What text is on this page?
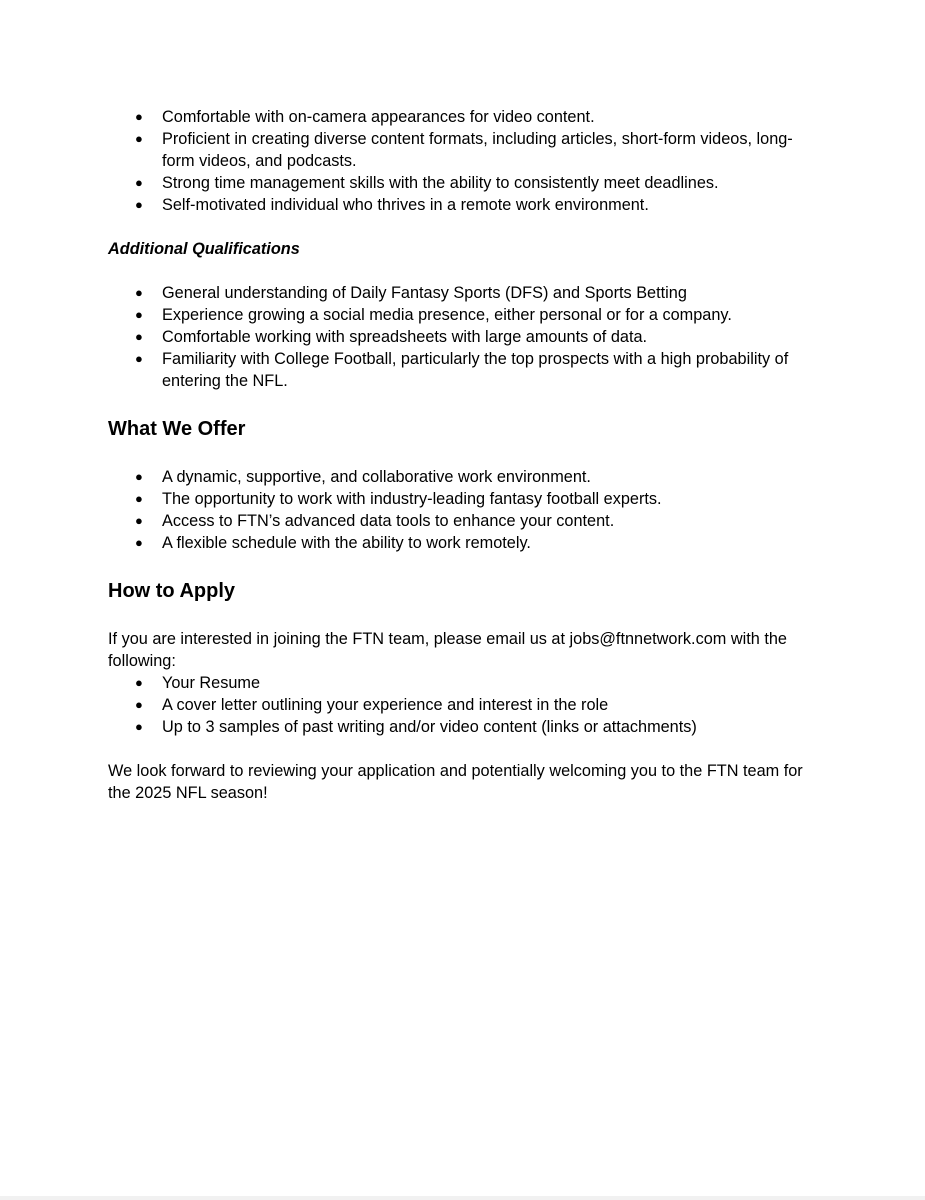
● Comfortable with on-camera appearances for video content.
● Proficient in creating diverse content formats, including articles, short-form videos, long-form videos, and podcasts.
● Strong time management skills with the ability to consistently meet deadlines.
● Self-motivated individual who thrives in a remote work environment.
Additional Qualifications
● General understanding of Daily Fantasy Sports (DFS) and Sports Betting
● Experience growing a social media presence, either personal or for a company.
● Comfortable working with spreadsheets with large amounts of data.
● Familiarity with College Football, particularly the top prospects with a high probability of entering the NFL.
What We Offer
● A dynamic, supportive, and collaborative work environment.
● The opportunity to work with industry-leading fantasy football experts.
● Access to FTN’s advanced data tools to enhance your content.
● A flexible schedule with the ability to work remotely.
How to Apply

If you are interested in joining the FTN team, please email us at jobs@ftnnetwork.com with the following:

● Your Resume
● A cover letter outlining your experience and interest in the role
● Up to 3 samples of past writing and/or video content (links or attachments)

We look forward to reviewing your application and potentially welcoming you to the FTN team for the 2025 NFL season!
